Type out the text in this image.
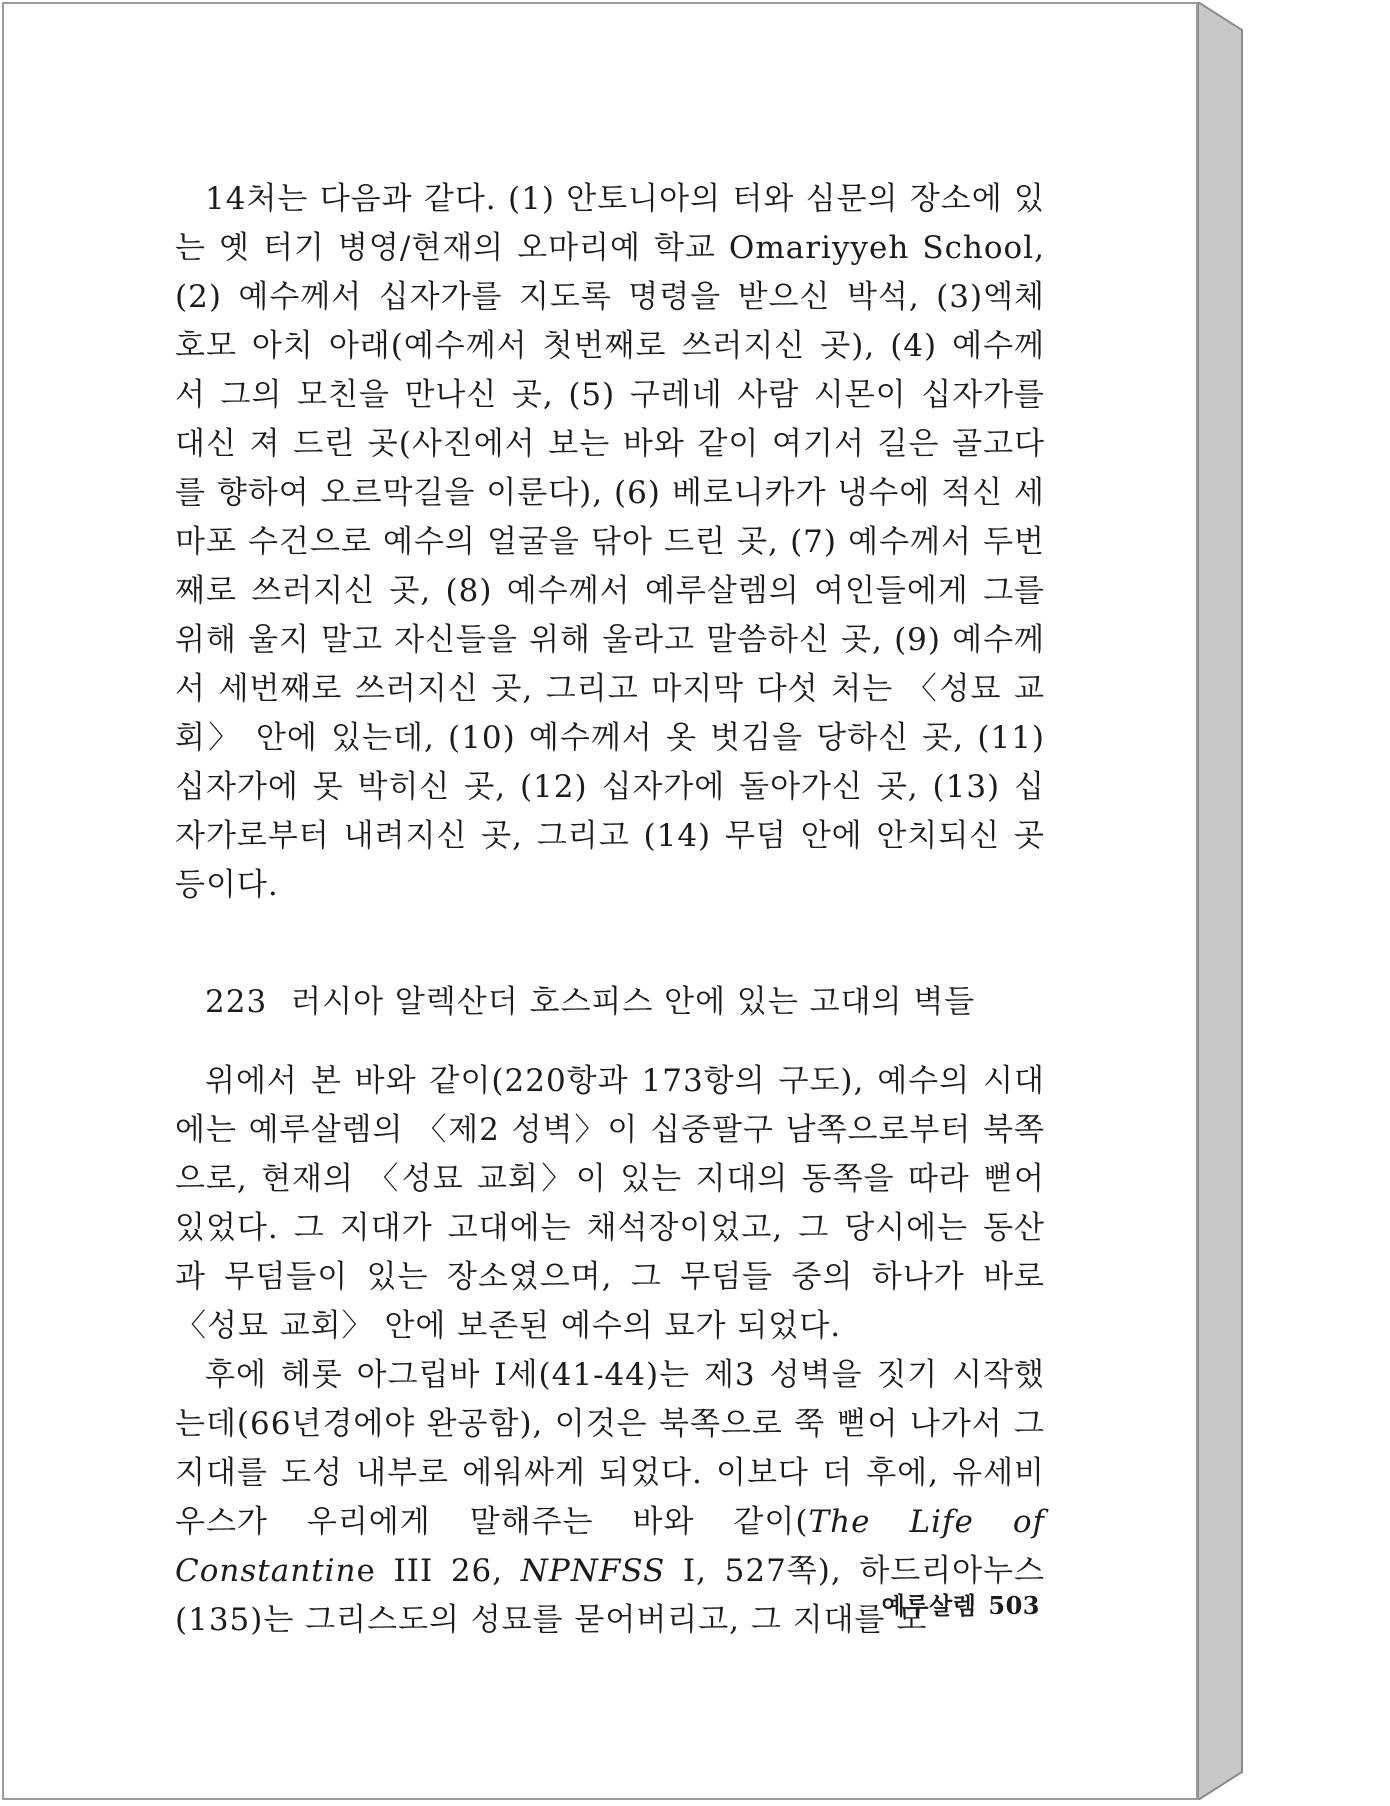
14처는 다음과 같다. (1) 안토니아의 터와 심문의 장소에 있는 옛 터기 병영/현재의 오마리예 학교 Omariyyeh School, (2) 예수께서 십자가를 지도록 명령을 받으신 박석, (3)엑체 호모 아치 아래(예수께서 첫번째로 쓰러지신 곳), (4) 예수께서 그의 모친을 만나신 곳, (5) 구레네 사람 시몬이 십자가를 대신 져 드린 곳(사진에서 보는 바와 같이 여기서 길은 골고다를 향하여 오르막길을 이룬다), (6) 베로니카가 냉수에 적신 세마포 수건으로 예수의 얼굴을 닦아 드린 곳, (7) 예수께서 두번째로 쓰러지신 곳, (8) 예수께서 예루살렘의 여인들에게 그를 위해 울지 말고 자신들을 위해 울라고 말씀하신 곳, (9) 예수께서 세번째로 쓰러지신 곳, 그리고 마지막 다섯 처는 〈성묘 교회〉 안에 있는데, (10) 예수께서 옷 벗김을 당하신 곳, (11) 십자가에 못 박히신 곳, (12) 십자가에 돌아가신 곳, (13) 십자가로부터 내려지신 곳, 그리고 (14) 무덤 안에 안치되신 곳 등이다.

223 러시아 알렉산더 호스피스 안에 있는 고대의 벽들

위에서 본 바와 같이(220항과 173항의 구도), 예수의 시대에는 예루살렘의 〈제2 성벽〉이 십중팔구 남쪽으로부터 북쪽으로, 현재의 〈성묘 교회〉이 있는 지대의 동쪽을 따라 뻗어 있었다. 그 지대가 고대에는 채석장이었고, 그 당시에는 동산과 무덤들이 있는 장소였으며, 그 무덤들 중의 하나가 바로 〈성묘 교회〉 안에 보존된 예수의 묘가 되었다.

후에 헤롯 아그립바 I세(41-44)는 제3 성벽을 짓기 시작했는데(66년경에야 완공함), 이것은 북쪽으로 쭉 뻗어 나가서 그 지대를 도성 내부로 에워싸게 되었다. 이보다 더 후에, 유세비우스가 우리에게 말해주는 바와 같이(The Life of Constantine III 26, NPNFSS I, 527쪽), 하드리아누스(135)는 그리스도의 성묘를 묻어버리고, 그 지대를 모

예루살렘 503
